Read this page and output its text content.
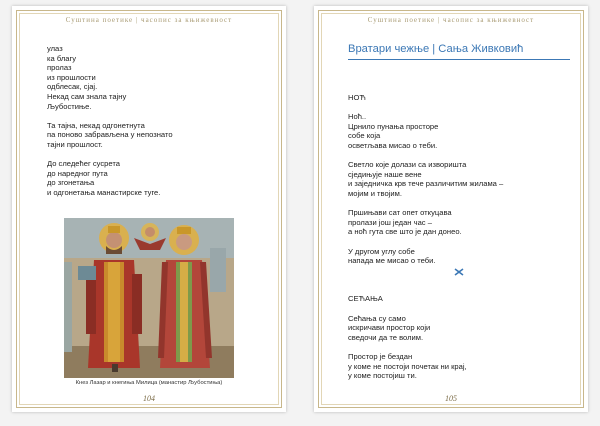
Суштина поетике | часопис за књижевност
улаз
ка благу
пролаз
из прошлости
одблесак, сјај.
Некад сам знала тајну
Љубостиње.
Та тајна, некад одгонетнута
па поново забрављена у непознато
тајни прошлост.
До следећег сусрета
до наредног пута
до згонетања
и одгонетања манастирске туге.
Кнез Лазар и кнегиња Милица (манастир Љубостиња)
104
Суштина поетике | часопис за књижевност
Вратари чежње | Сања Живковић
НОЋ
Ноћ..
Црнило пунања просторе
собе која
осветљава мисао о теби.
Светло које долази са изворишта
сједињује наше вене
и заједничка крв тече различитим жилама –
мојим и твојим.
Пршињави сат опет откуцава
пролази још један час –
а ноћ гута све што је дан донео.
У другом углу собе
напада ме мисао о теби.
СЕЋАЊА
Сећања су само
искричави простор који
сведочи да те волим.
Простор је бездан
у коме не постоји почетак ни крај,
у коме постојиш ти.
105
